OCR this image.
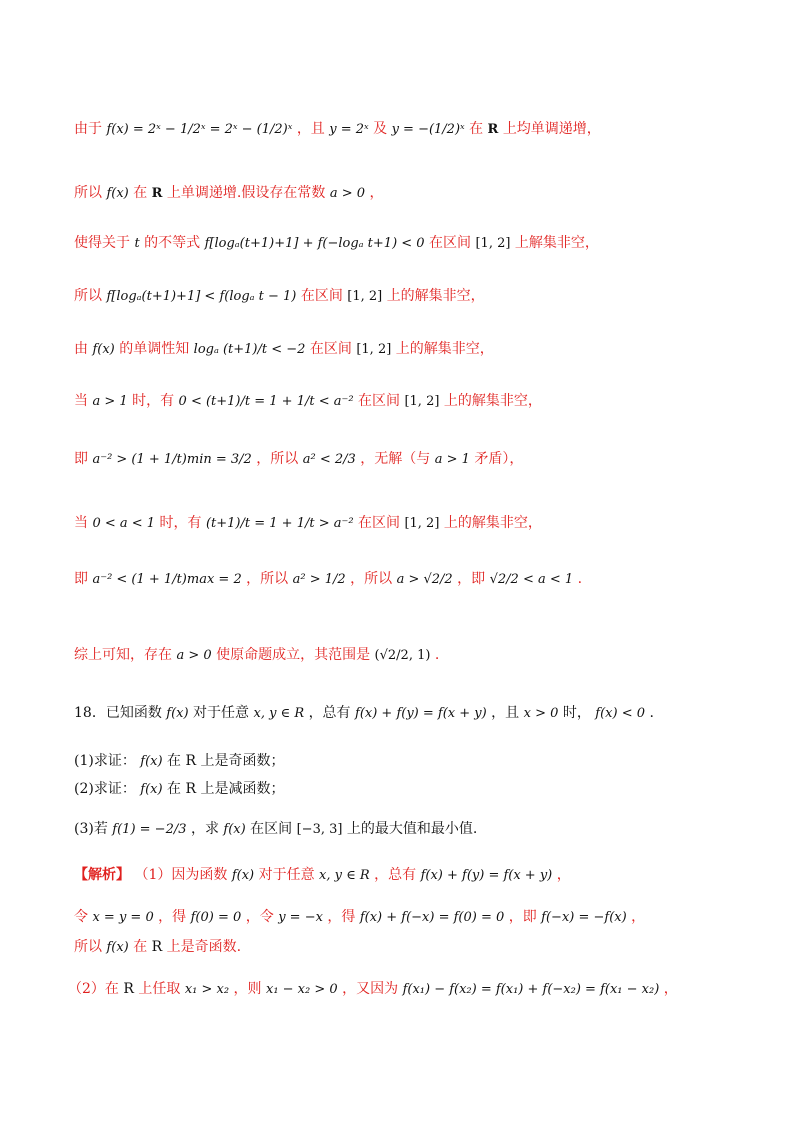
由于 f(x) = 2ˣ − 1/2ˣ = 2ˣ − (1/2)ˣ ，且 y = 2ˣ 及 y = −(1/2)ˣ 在 R 上均单调递增，
所以 f(x) 在 R 上单调递增.假设存在常数 a > 0 ，
使得关于 t 的不等式 f[logₐ(t+1)+1] + f(−logₐ t+1) < 0 在区间 [1, 2] 上解集非空，
所以 f[logₐ(t+1)+1] < f(logₐ t − 1) 在区间 [1, 2] 上的解集非空，
由 f(x) 的单调性知 logₐ (t+1)/t < −2 在区间 [1, 2] 上的解集非空，
当 a > 1 时，有 0 < (t+1)/t = 1 + 1/t < a⁻² 在区间 [1, 2] 上的解集非空，
即 a⁻² > (1 + 1/t)min = 3/2 ，所以 a² < 2/3 ，无解（与 a > 1 矛盾），
当 0 < a < 1 时，有 (t+1)/t = 1 + 1/t > a⁻² 在区间 [1, 2] 上的解集非空，
即 a⁻² < (1 + 1/t)max = 2 ，所以 a² > 1/2 ，所以 a > √2/2 ，即 √2/2 < a < 1 .
综上可知，存在 a > 0 使原命题成立，其范围是 (√2/2, 1) .
18．已知函数 f(x) 对于任意 x, y ∈ R ，总有 f(x) + f(y) = f(x + y) ，且 x > 0 时， f(x) < 0 .
(1)求证： f(x) 在 R 上是奇函数；
(2)求证： f(x) 在 R 上是减函数；
(3)若 f(1) = −2/3 ，求 f(x) 在区间 [−3, 3] 上的最大值和最小值.
【解析】 （1）因为函数 f(x) 对于任意 x, y ∈ R ，总有 f(x) + f(y) = f(x + y) ，
令 x = y = 0 ，得 f(0) = 0 ，令 y = −x ，得 f(x) + f(−x) = f(0) = 0 ，即 f(−x) = −f(x) ，
所以 f(x) 在 R 上是奇函数.
（2）在 R 上任取 x₁ > x₂ ，则 x₁ − x₂ > 0 ，又因为 f(x₁) − f(x₂) = f(x₁) + f(−x₂) = f(x₁ − x₂) ，
